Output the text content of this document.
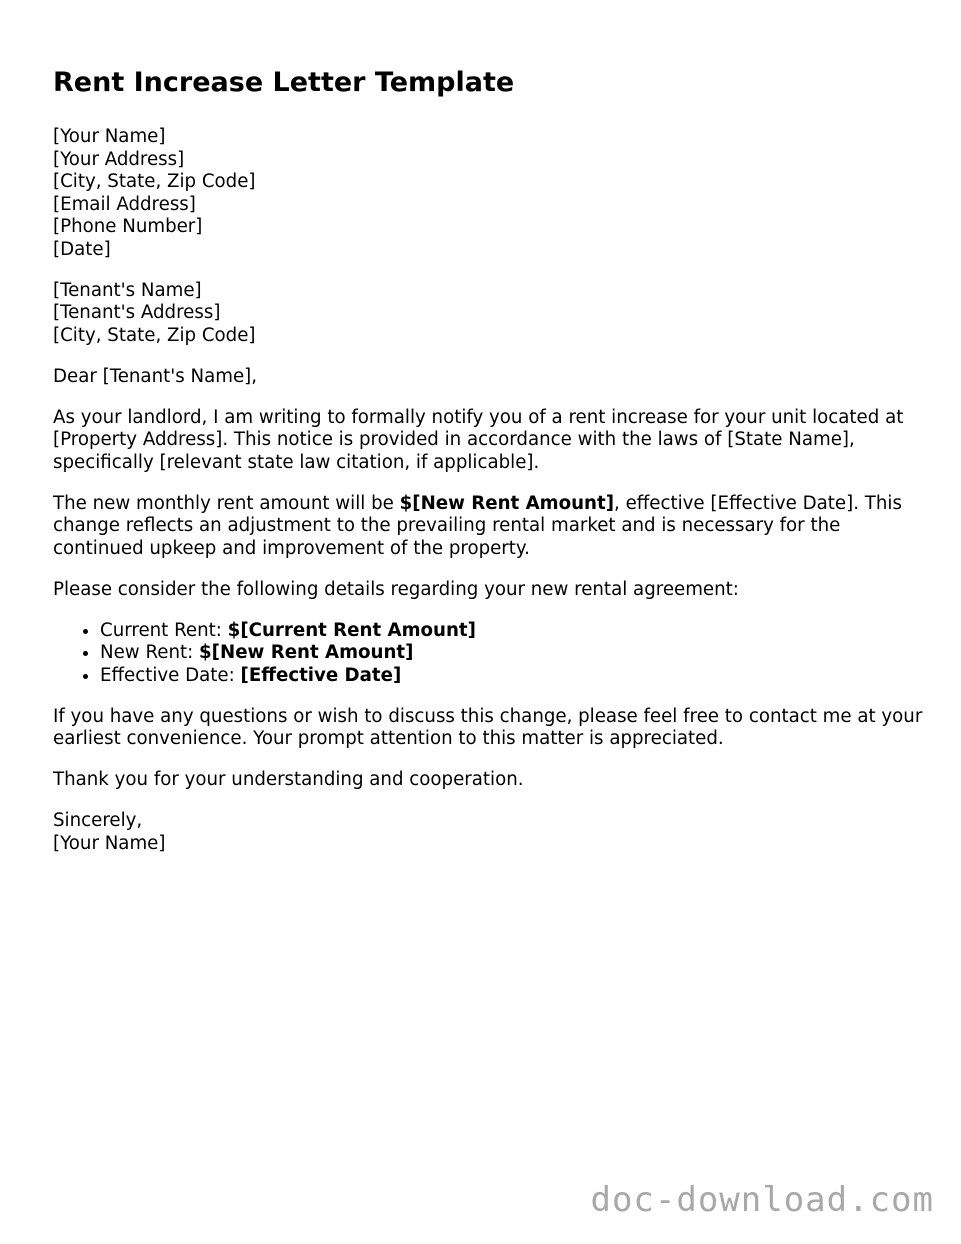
Rent Increase Letter Template
[Your Name]
[Your Address]
[City, State, Zip Code]
[Email Address]
[Phone Number]
[Date]
[Tenant's Name]
[Tenant's Address]
[City, State, Zip Code]

Dear [Tenant's Name],

As your landlord, I am writing to formally notify you of a rent increase for your unit located at [Property Address]. This notice is provided in accordance with the laws of [State Name], specifically [relevant state law citation, if applicable].

The new monthly rent amount will be $[New Rent Amount], effective [Effective Date]. This change reflects an adjustment to the prevailing rental market and is necessary for the continued upkeep and improvement of the property.

Please consider the following details regarding your new rental agreement:

• Current Rent: $[Current Rent Amount]
• New Rent: $[New Rent Amount]
• Effective Date: [Effective Date]

If you have any questions or wish to discuss this change, please feel free to contact me at your earliest convenience. Your prompt attention to this matter is appreciated.

Thank you for your understanding and cooperation.

Sincerely,
[Your Name]
doc-download.com
